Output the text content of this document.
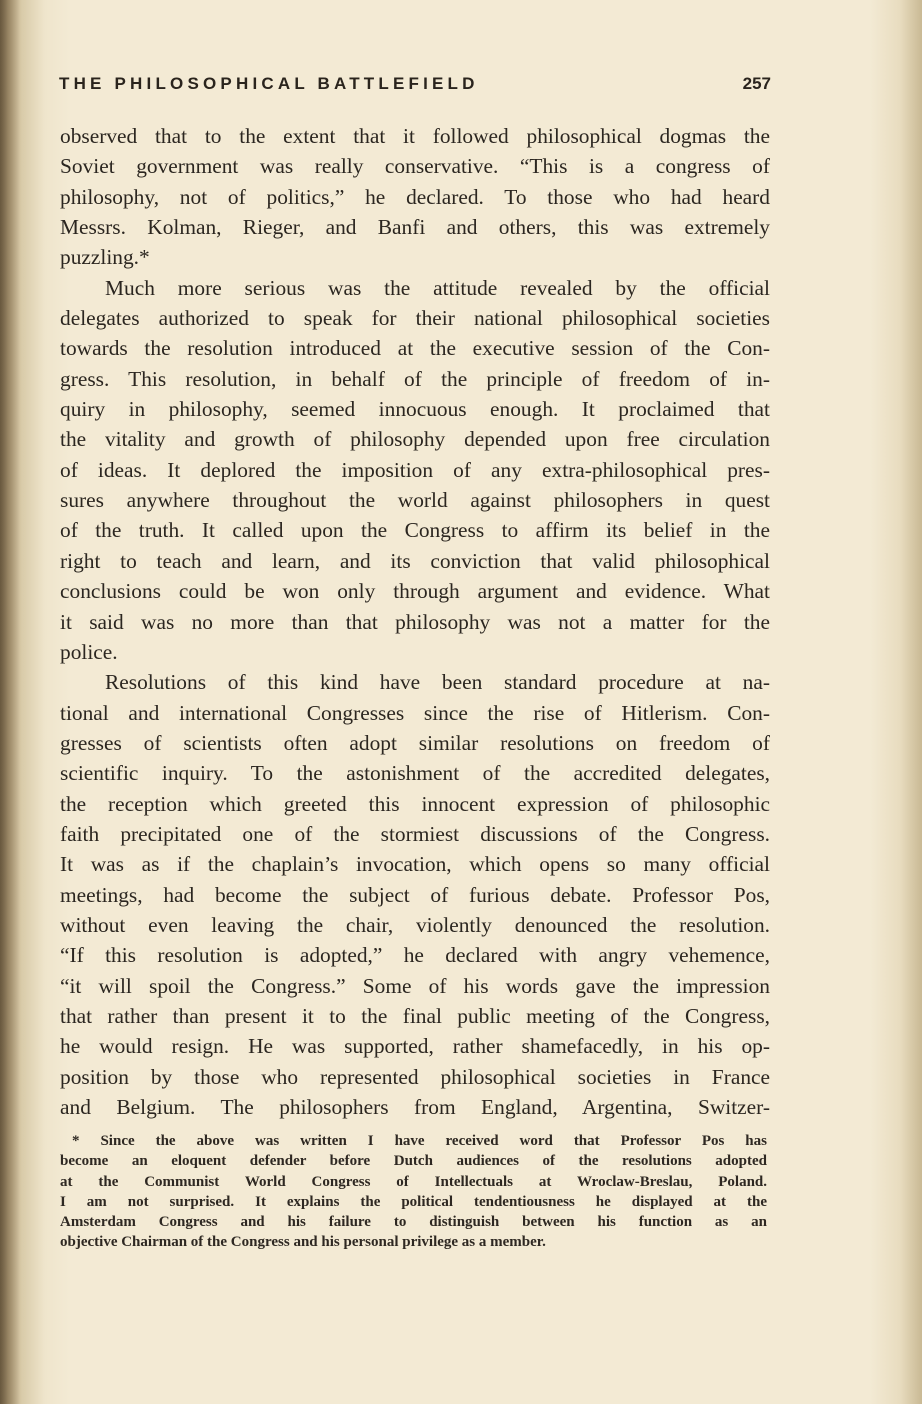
THE PHILOSOPHICAL BATTLEFIELD	257
observed that to the extent that it followed philosophical dogmas the
Soviet government was really conservative. “This is a congress of
philosophy, not of politics,” he declared. To those who had heard
Messrs. Kolman, Rieger, and Banfi and others, this was extremely
puzzling.*
Much more serious was the attitude revealed by the official
delegates authorized to speak for their national philosophical societies
towards the resolution introduced at the executive session of the Con-
gress. This resolution, in behalf of the principle of freedom of in-
quiry in philosophy, seemed innocuous enough. It proclaimed that
the vitality and growth of philosophy depended upon free circulation
of ideas. It deplored the imposition of any extra-philosophical pres-
sures anywhere throughout the world against philosophers in quest
of the truth. It called upon the Congress to affirm its belief in the
right to teach and learn, and its conviction that valid philosophical
conclusions could be won only through argument and evidence. What
it said was no more than that philosophy was not a matter for the
police.
Resolutions of this kind have been standard procedure at na-
tional and international Congresses since the rise of Hitlerism. Con-
gresses of scientists often adopt similar resolutions on freedom of
scientific inquiry. To the astonishment of the accredited delegates,
the reception which greeted this innocent expression of philosophic
faith precipitated one of the stormiest discussions of the Congress.
It was as if the chaplain’s invocation, which opens so many official
meetings, had become the subject of furious debate. Professor Pos,
without even leaving the chair, violently denounced the resolution.
“If this resolution is adopted,” he declared with angry vehemence,
“it will spoil the Congress.” Some of his words gave the impression
that rather than present it to the final public meeting of the Congress,
he would resign. He was supported, rather shamefacedly, in his op-
position by those who represented philosophical societies in France
and Belgium. The philosophers from England, Argentina, Switzer-
* Since the above was written I have received word that Professor Pos has
become an eloquent defender before Dutch audiences of the resolutions adopted
at the Communist World Congress of Intellectuals at Wroclaw-Breslau, Poland.
I am not surprised. It explains the political tendentiousness he displayed at the
Amsterdam Congress and his failure to distinguish between his function as an
objective Chairman of the Congress and his personal privilege as a member.
